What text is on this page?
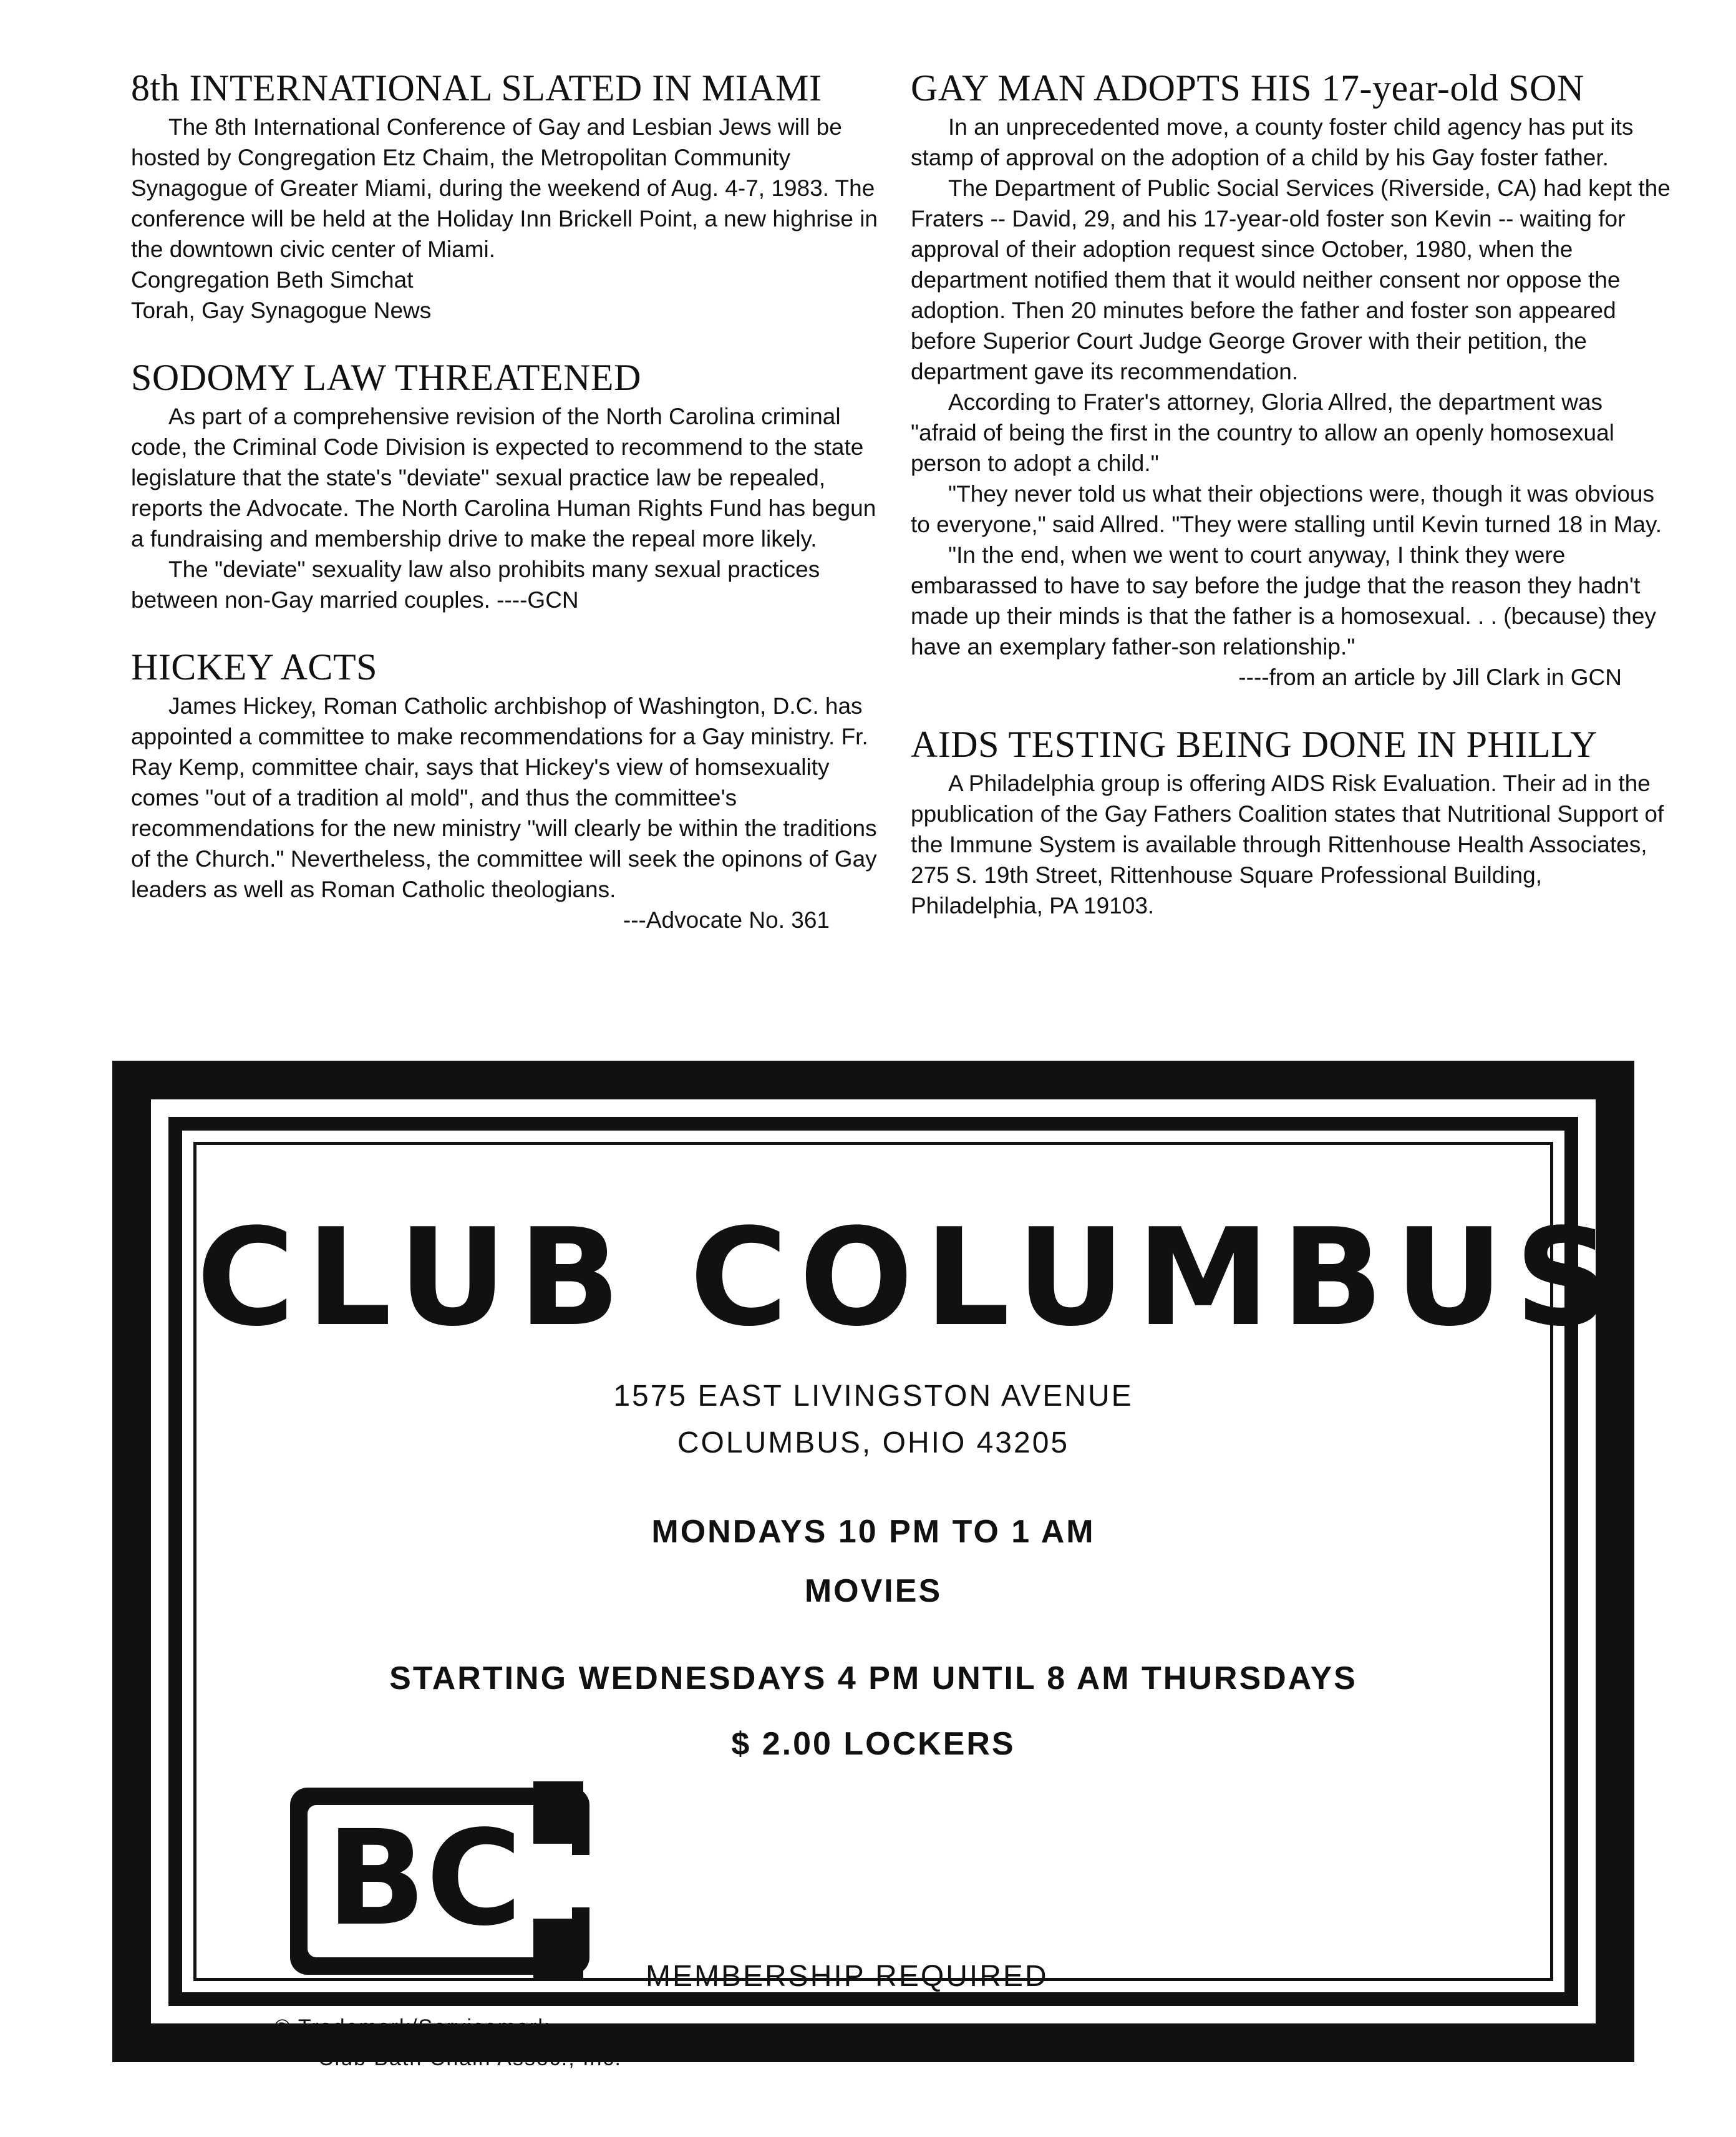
8th INTERNATIONAL SLATED IN MIAMI

The 8th International Conference of Gay and Lesbian Jews will be hosted by Congregation Etz Chaim, the Metropolitan Community Synagogue of Greater Miami, during the weekend of Aug. 4-7, 1983. The conference will be held at the Holiday Inn Brickell Point, a new highrise in the downtown civic center of Miami.

Congregation Beth Simchat

Torah, Gay Synagogue News

SODOMY LAW THREATENED

As part of a comprehensive revision of the North Carolina criminal code, the Criminal Code Division is expected to recommend to the state legislature that the state's "deviate" sexual practice law be repealed, reports the Advocate. The North Carolina Human Rights Fund has begun a fundraising and membership drive to make the repeal more likely.

The "deviate" sexuality law also prohibits many sexual practices between non-Gay married couples. ----GCN

HICKEY ACTS

James Hickey, Roman Catholic archbishop of Washington, D.C. has appointed a committee to make recommendations for a Gay ministry. Fr. Ray Kemp, committee chair, says that Hickey's view of homsexuality comes "out of a tradition al mold", and thus the committee's recommendations for the new ministry "will clearly be within the traditions of the Church." Nevertheless, the committee will seek the opinons of Gay leaders as well as Roman Catholic theologians.

---Advocate No. 361

GAY MAN ADOPTS HIS 17-year-old SON

In an unprecedented move, a county foster child agency has put its stamp of approval on the adoption of a child by his Gay foster father.

The Department of Public Social Services (Riverside, CA) had kept the Fraters -- David, 29, and his 17-year-old foster son Kevin -- waiting for approval of their adoption request since October, 1980, when the department notified them that it would neither consent nor oppose the adoption. Then 20 minutes before the father and foster son appeared before Superior Court Judge George Grover with their petition, the department gave its recommendation.

According to Frater's attorney, Gloria Allred, the department was "afraid of being the first in the country to allow an openly homosexual person to adopt a child."

"They never told us what their objections were, though it was obvious to everyone," said Allred. "They were stalling until Kevin turned 18 in May.

"In the end, when we went to court anyway, I think they were embarassed to have to say before the judge that the reason they hadn't made up their minds is that the father is a homosexual. . . (because) they have an exemplary father-son relationship."

----from an article by Jill Clark in GCN

AIDS TESTING BEING DONE IN PHILLY

A Philadelphia group is offering AIDS Risk Evaluation. Their ad in the ppublication of the Gay Fathers Coalition states that Nutritional Support of the Immune System is available through Rittenhouse Health Associates, 275 S. 19th Street, Rittenhouse Square Professional Building, Philadelphia, PA 19103.

CLUB COLUMBUS
1575 EAST LIVINGSTON AVENUE
COLUMBUS, OHIO 43205
MONDAYS 10 PM TO 1 AM
MOVIES
STARTING WEDNESDAYS 4 PM UNTIL 8 AM THURSDAYS
$ 2.00 LOCKERS
BC
MEMBERSHIP REQUIRED
® Trademark/Servicemark
Club Bath Chain Assoc., Inc.
